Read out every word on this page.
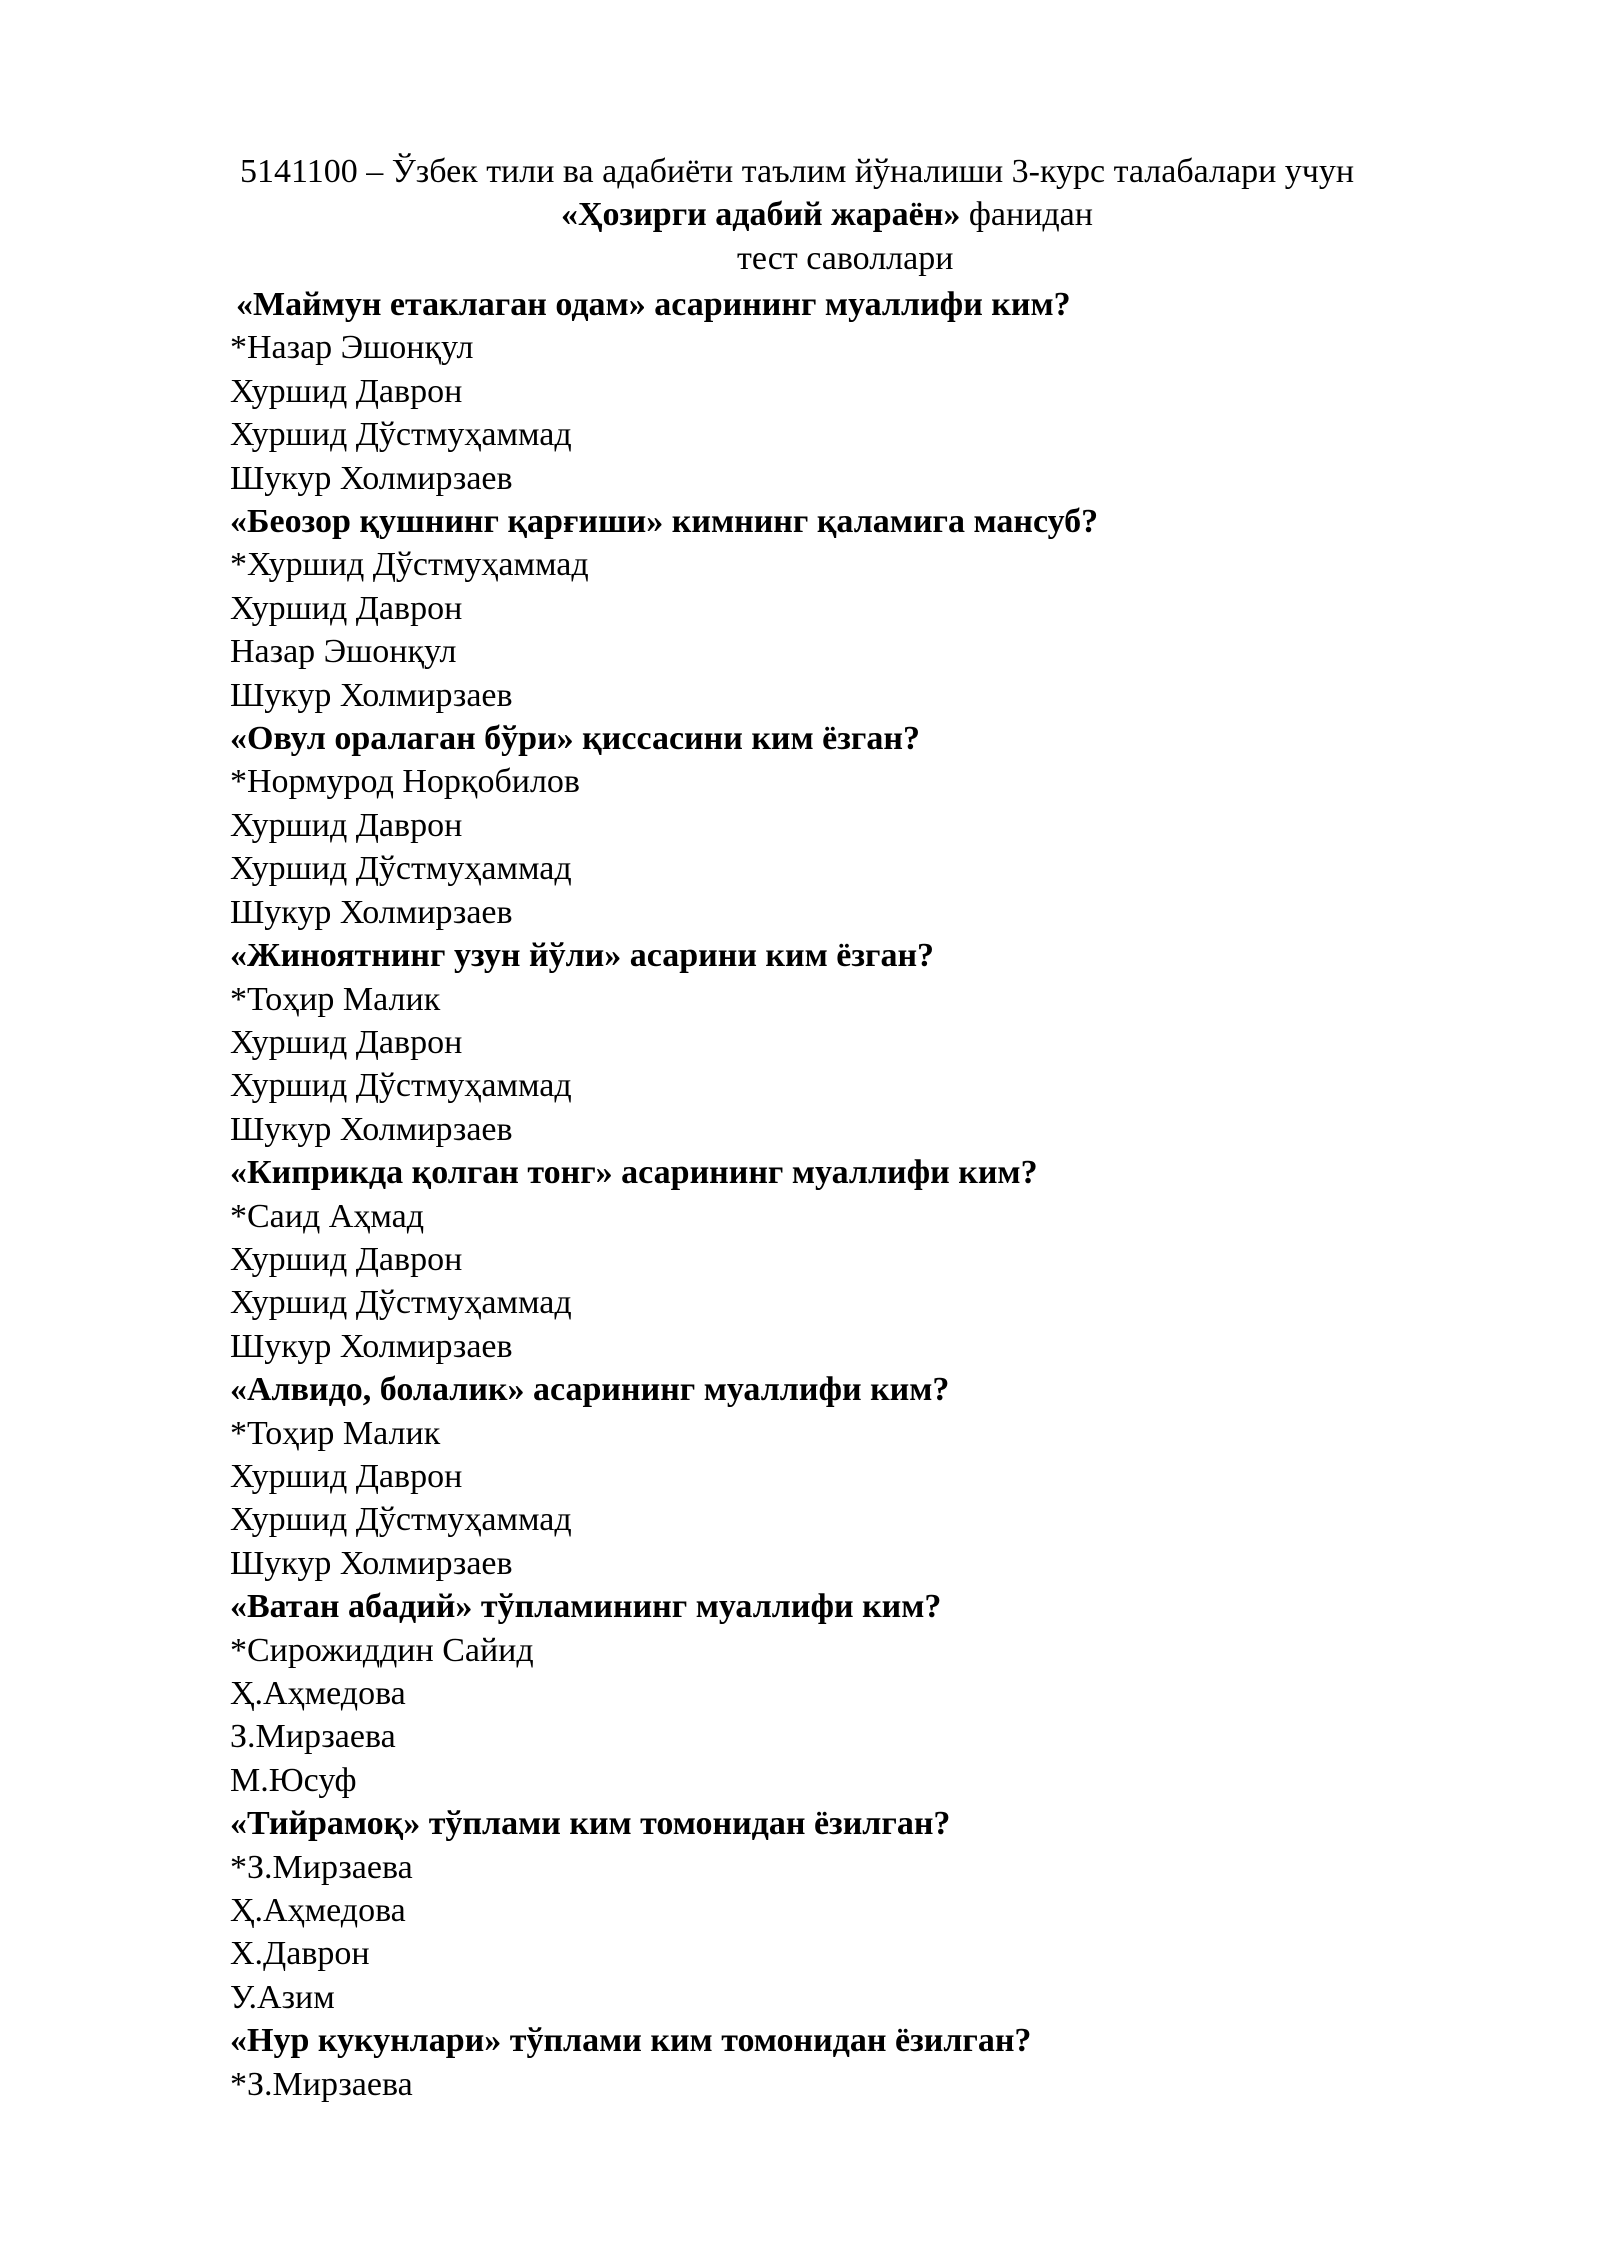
5141100 – Ўзбек тили ва адабиёти таълим йўналиши 3-курс талабалари учун
«Ҳозирги адабий жараён» фанидан
тест саволлари
«Маймун етаклаган одам» асарининг муаллифи ким?
*Назар Эшонқул
Хуршид Даврон
Хуршид Дўстмуҳаммад
Шукур Холмирзаев
«Беозор қушнинг қарғиши» кимнинг қаламига мансуб?
*Хуршид Дўстмуҳаммад
Хуршид Даврон
Назар Эшонқул
Шукур Холмирзаев
«Овул оралаган бўри» қиссасини ким ёзган?
*Нормурод Норқобилов
Хуршид Даврон
Хуршид Дўстмуҳаммад
Шукур Холмирзаев
«Жиноятнинг узун йўли» асарини ким ёзган?
*Тоҳир Малик
Хуршид Даврон
Хуршид Дўстмуҳаммад
Шукур Холмирзаев
«Киприкда қолган тонг» асарининг муаллифи ким?
*Саид Аҳмад
Хуршид Даврон
Хуршид Дўстмуҳаммад
Шукур Холмирзаев
«Алвидо, болалик» асарининг муаллифи ким?
*Тоҳир Малик
Хуршид Даврон
Хуршид Дўстмуҳаммад
Шукур Холмирзаев
«Ватан абадий» тўпламининг муаллифи ким?
*Сирожиддин Сайид
Ҳ.Аҳмедова
З.Мирзаева
М.Юсуф
«Тийрамоқ» тўплами ким томонидан ёзилган?
*З.Мирзаева
Ҳ.Аҳмедова
Х.Даврон
У.Азим
«Нур кукунлари» тўплами ким томонидан ёзилган?
*З.Мирзаева
